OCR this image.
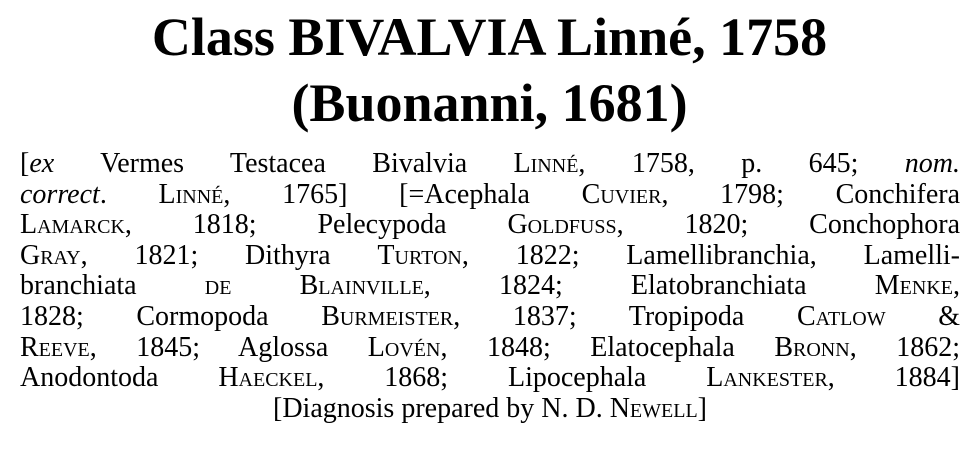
Class BIVALVIA Linné, 1758
(Buonanni, 1681)
[ex Vermes Testacea Bivalvia Linné, 1758, p. 645; nom.
correct. Linné, 1765] [=Acephala Cuvier, 1798; Conchifera
Lamarck, 1818; Pelecypoda Goldfuss, 1820; Conchophora
Gray, 1821; Dithyra Turton, 1822; Lamellibranchia, Lamelli-
branchiata de Blainville, 1824; Elatobranchiata Menke,
1828; Cormopoda Burmeister, 1837; Tropipoda Catlow &
Reeve, 1845; Aglossa Lovén, 1848; Elatocephala Bronn, 1862;
Anodontoda Haeckel, 1868; Lipocephala Lankester, 1884]
[Diagnosis prepared by N. D. Newell]
